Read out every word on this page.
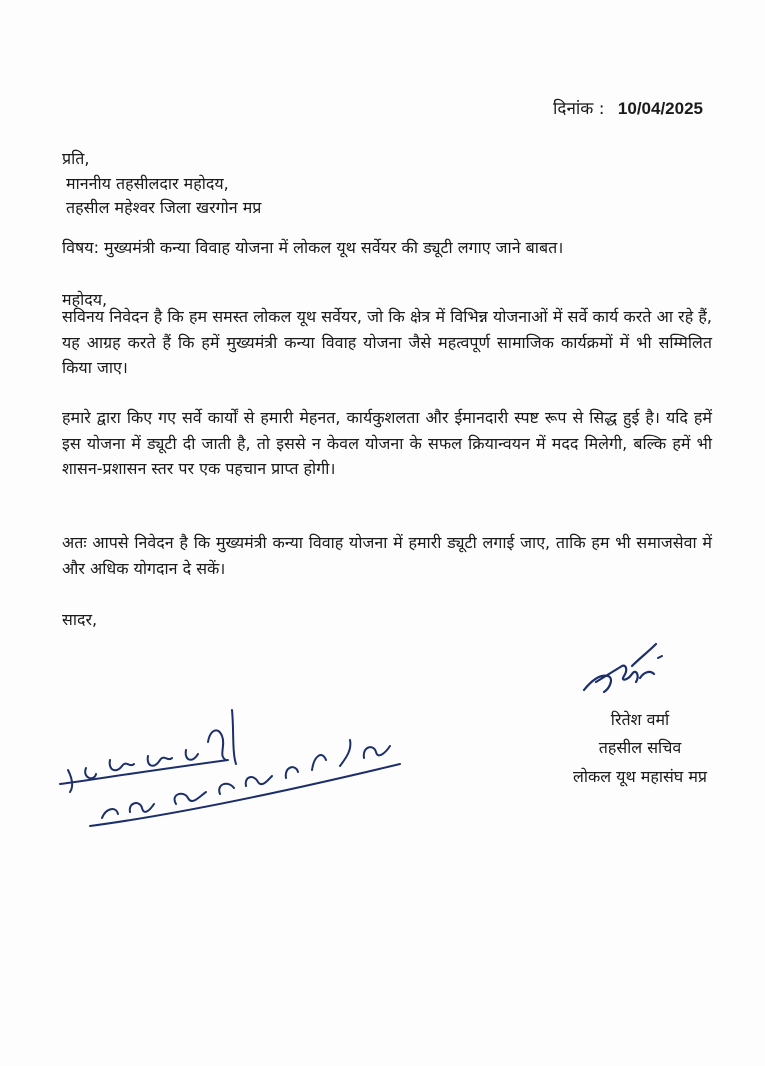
दिनांक : 10/04/2025
प्रति,
माननीय तहसीलदार महोदय,
तहसील महेश्वर जिला खरगोन मप्र
विषय: मुख्यमंत्री कन्या विवाह योजना में लोकल यूथ सर्वेयर की ड्यूटी लगाए जाने बाबत।
महोदय,
सविनय निवेदन है कि हम समस्त लोकल यूथ सर्वेयर, जो कि क्षेत्र में विभिन्न योजनाओं में सर्वे कार्य करते आ रहे हैं, यह आग्रह करते हैं कि हमें मुख्यमंत्री कन्या विवाह योजना जैसे महत्वपूर्ण सामाजिक कार्यक्रमों में भी सम्मिलित किया जाए।
हमारे द्वारा किए गए सर्वे कार्यों से हमारी मेहनत, कार्यकुशलता और ईमानदारी स्पष्ट रूप से सिद्ध हुई है। यदि हमें इस योजना में ड्यूटी दी जाती है, तो इससे न केवल योजना के सफल क्रियान्वयन में मदद मिलेगी, बल्कि हमें भी शासन-प्रशासन स्तर पर एक पहचान प्राप्त होगी।
अतः आपसे निवेदन है कि मुख्यमंत्री कन्या विवाह योजना में हमारी ड्यूटी लगाई जाए, ताकि हम भी समाजसेवा में और अधिक योगदान दे सकें।
सादर,
रितेश वर्मा
तहसील सचिव
लोकल यूथ महासंघ मप्र
